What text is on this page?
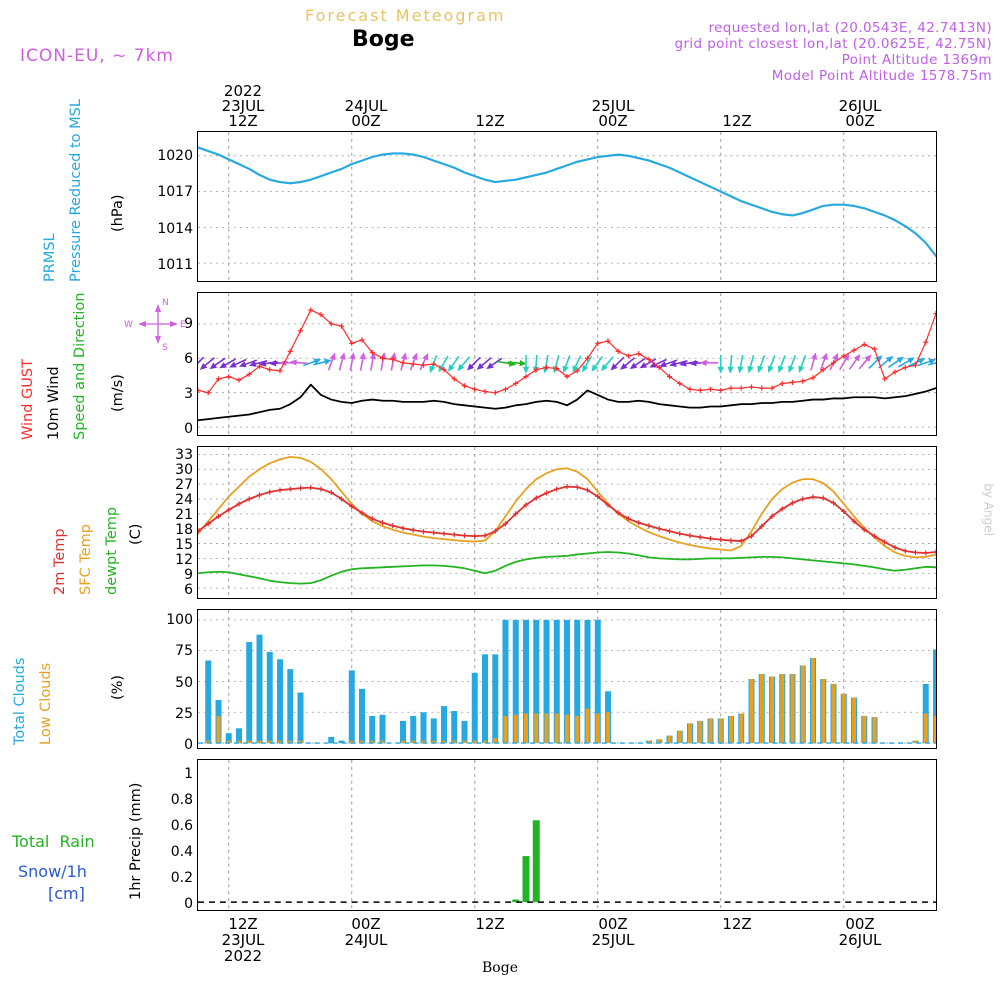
Forecast Meteogram
Boge
ICON-EU, ~ 7km
requested lon,lat (20.0543E, 42.7413N)
grid point closest lon,lat (20.0625E, 42.75N)
Point Altitude 1369m
Model Point Altitude 1578.75m
by Angel
2022
23JUL
12Z
24JUL
00Z	12Z
25JUL
00Z	12Z
26JUL
00Z
1011
1014
1017
1020
PRMSL Pressure Reduced to MSL (hPa)
0
3
6
9
Wind GUST 10m Wind Speed and Direction (m/s)
N
S
E
W
6
9
12
15
18
21
24
27
30
33
2m Temp SFC Temp dewpt Temp (C)
0
25
50
75
100
Total Clouds Low Clouds	(%)
0
0.2
0.4
0.6
0.8
1
Total  Rain
Snow/1h
[cm]	1hr Precip (mm)
12Z
23JUL
2022
00Z
24JUL
12Z	00Z
25JUL
12Z	00Z
26JUL
Boge
